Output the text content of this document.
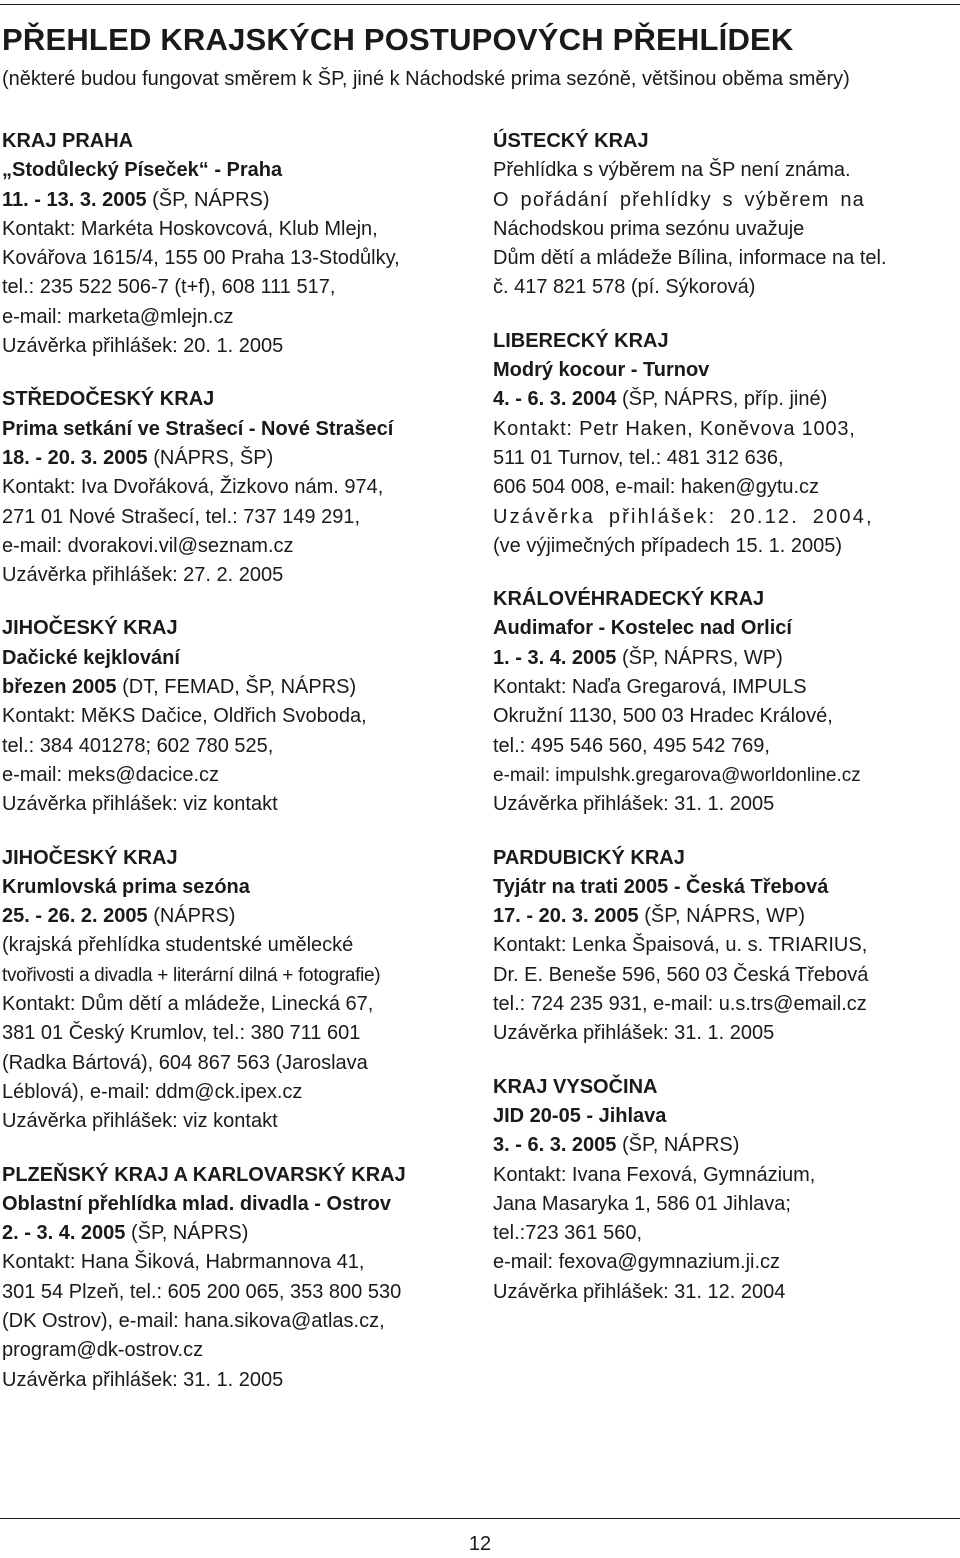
PŘEHLED KRAJSKÝCH POSTUPOVÝCH PŘEHLÍDEK

(některé budou fungovat směrem k ŠP, jiné k Náchodské prima sezóně, většinou oběma směry)

KRAJ PRAHA
„Stodůlecký Píseček“ - Praha
11. - 13. 3. 2005 (ŠP, NÁPRS)
Kontakt: Markéta Hoskovcová, Klub Mlejn,
Kovářova 1615/4, 155 00 Praha 13-Stodůlky,
tel.: 235 522 506-7 (t+f), 608 111 517,
e-mail: marketa@mlejn.cz
Uzávěrka přihlášek: 20. 1. 2005
STŘEDOČESKÝ KRAJ
Prima setkání ve Strašecí - Nové Strašecí
18. - 20. 3. 2005 (NÁPRS, ŠP)
Kontakt: Iva Dvořáková, Žizkovo nám. 974,
271 01 Nové Strašecí, tel.: 737 149 291,
e-mail: dvorakovi.vil@seznam.cz
Uzávěrka přihlášek: 27. 2. 2005
JIHOČESKÝ KRAJ
Dačické kejklování
březen 2005 (DT, FEMAD, ŠP, NÁPRS)
Kontakt: MěKS Dačice, Oldřich Svoboda,
tel.: 384 401278; 602 780 525,
e-mail: meks@dacice.cz
Uzávěrka přihlášek: viz kontakt
JIHOČESKÝ KRAJ
Krumlovská prima sezóna
25. - 26. 2. 2005 (NÁPRS)
(krajská přehlídka studentské umělecké
tvořivosti a divadla + literární dilná + fotografie)
Kontakt: Dům dětí a mládeže, Linecká 67,
381 01 Český Krumlov, tel.: 380 711 601
(Radka Bártová), 604 867 563 (Jaroslava
Léblová), e-mail: ddm@ck.ipex.cz
Uzávěrka přihlášek: viz kontakt
PLZEŇSKÝ KRAJ A KARLOVARSKÝ KRAJ
Oblastní přehlídka mlad. divadla - Ostrov
2. - 3. 4. 2005 (ŠP, NÁPRS)
Kontakt: Hana Šiková, Habrmannova 41,
301 54 Plzeň, tel.: 605 200 065, 353 800 530
(DK Ostrov), e-mail: hana.sikova@atlas.cz,
program@dk-ostrov.cz
Uzávěrka přihlášek: 31. 1. 2005
ÚSTECKÝ KRAJ
Přehlídka s výběrem na ŠP není známa.
O pořádání přehlídky s výběrem na
Náchodskou prima sezónu uvažuje
Dům dětí a mládeže Bílina, informace na tel.
č. 417 821 578 (pí. Sýkorová)
LIBERECKÝ KRAJ
Modrý kocour - Turnov
4. - 6. 3. 2004 (ŠP, NÁPRS, příp. jiné)
Kontakt: Petr Haken, Koněvova 1003,
511 01 Turnov, tel.: 481 312 636,
606 504 008, e-mail: haken@gytu.cz
Uzávěrka přihlášek: 20.12. 2004,
(ve výjimečných případech 15. 1. 2005)
KRÁLOVÉHRADECKÝ KRAJ
Audimafor - Kostelec nad Orlicí
1. - 3. 4. 2005 (ŠP, NÁPRS, WP)
Kontakt: Naďa Gregarová, IMPULS
Okružní 1130, 500 03 Hradec Králové,
tel.: 495 546 560, 495 542 769,
e-mail: impulshk.gregarova@worldonline.cz
Uzávěrka přihlášek: 31. 1. 2005
PARDUBICKÝ KRAJ
Tyjátr na trati 2005 - Česká Třebová
17. - 20. 3. 2005 (ŠP, NÁPRS, WP)
Kontakt: Lenka Špaisová, u. s. TRIARIUS,
Dr. E. Beneše 596, 560 03 Česká Třebová
tel.: 724 235 931, e-mail: u.s.trs@email.cz
Uzávěrka přihlášek: 31. 1. 2005
KRAJ VYSOČINA
JID 20-05 - Jihlava
3. - 6. 3. 2005 (ŠP, NÁPRS)
Kontakt: Ivana Fexová, Gymnázium,
Jana Masaryka 1, 586 01 Jihlava;
tel.:723 361 560,
e-mail: fexova@gymnazium.ji.cz
Uzávěrka přihlášek: 31. 12. 2004
12
